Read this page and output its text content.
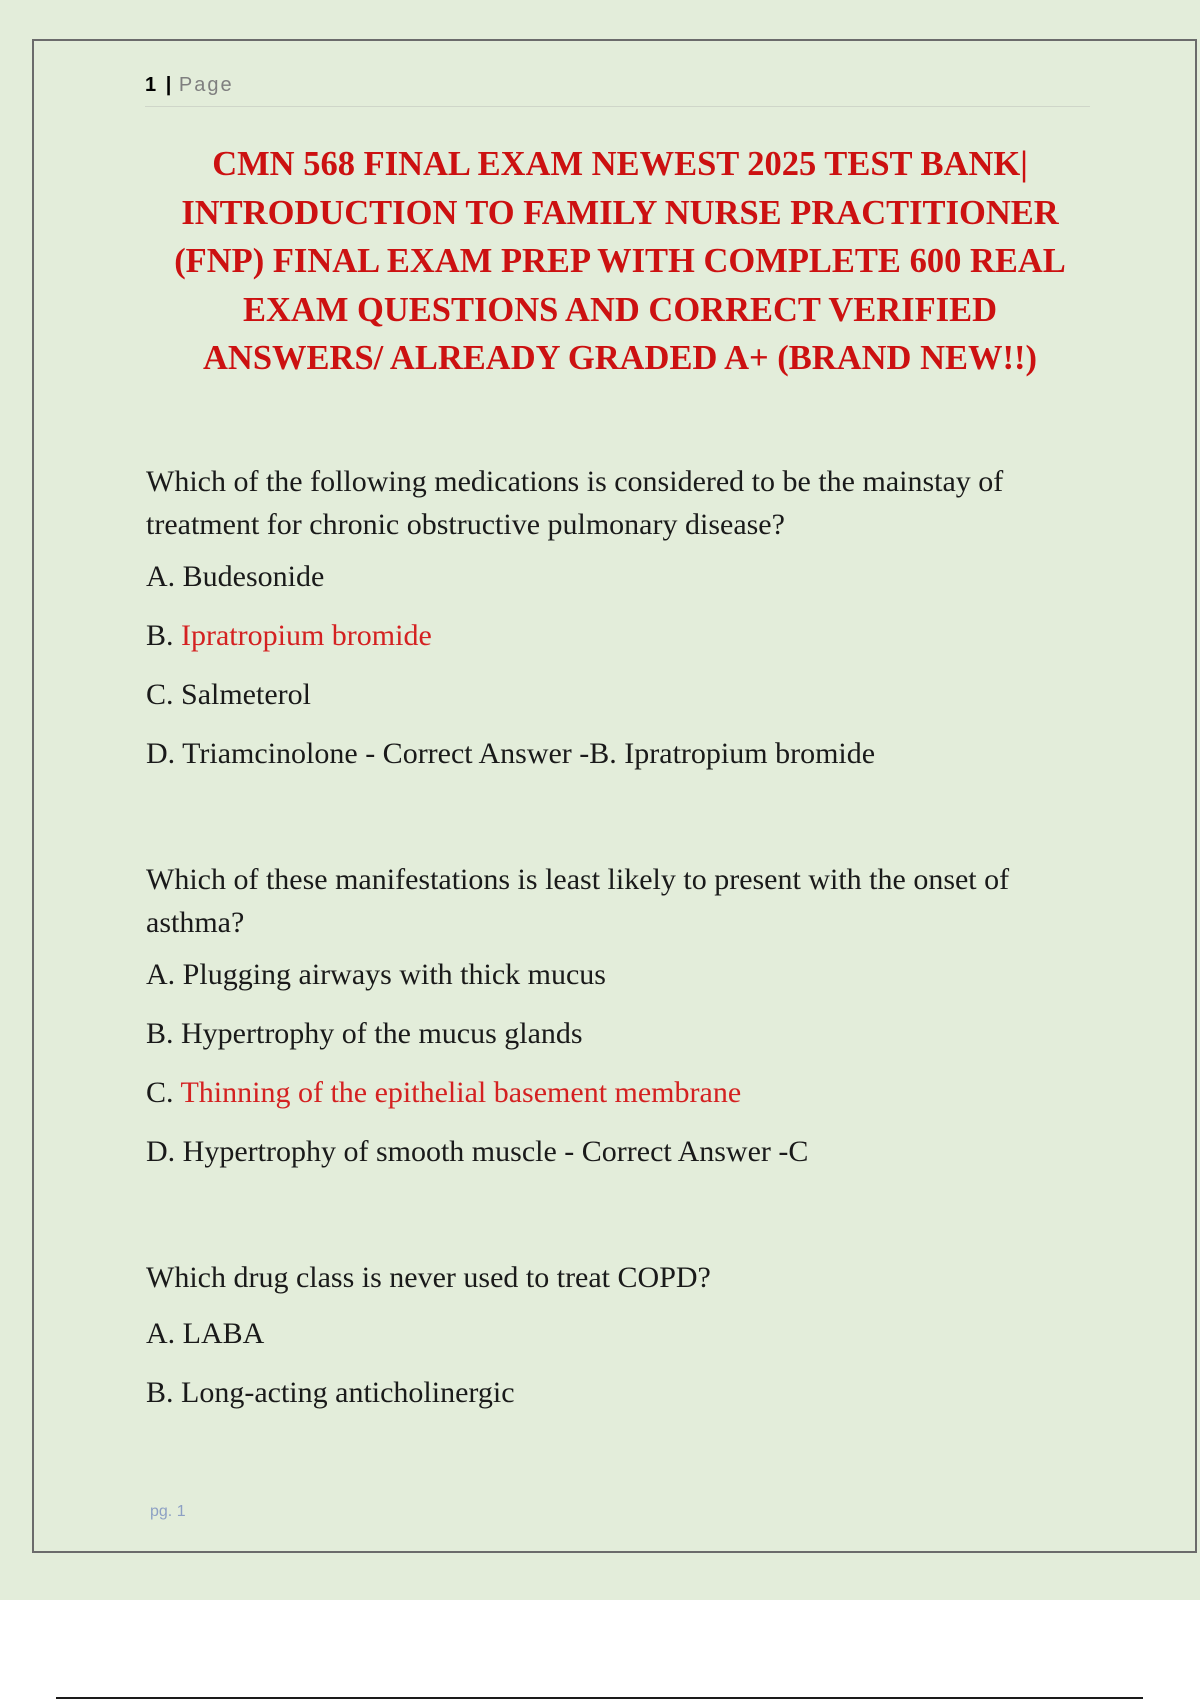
1 | Page
CMN 568 FINAL EXAM NEWEST 2025 TEST BANK|
INTRODUCTION TO FAMILY NURSE PRACTITIONER
(FNP) FINAL EXAM PREP WITH COMPLETE 600 REAL
EXAM QUESTIONS AND CORRECT VERIFIED
ANSWERS/ ALREADY GRADED A+ (BRAND NEW!!)

Which of the following medications is considered to be the mainstay of
treatment for chronic obstructive pulmonary disease?

A. Budesonide

B. Ipratropium bromide

C. Salmeterol

D. Triamcinolone - Correct Answer -B. Ipratropium bromide

Which of these manifestations is least likely to present with the onset of
asthma?

A. Plugging airways with thick mucus

B. Hypertrophy of the mucus glands

C. Thinning of the epithelial basement membrane

D. Hypertrophy of smooth muscle - Correct Answer -C

Which drug class is never used to treat COPD?

A. LABA

B. Long-acting anticholinergic

pg. 1
